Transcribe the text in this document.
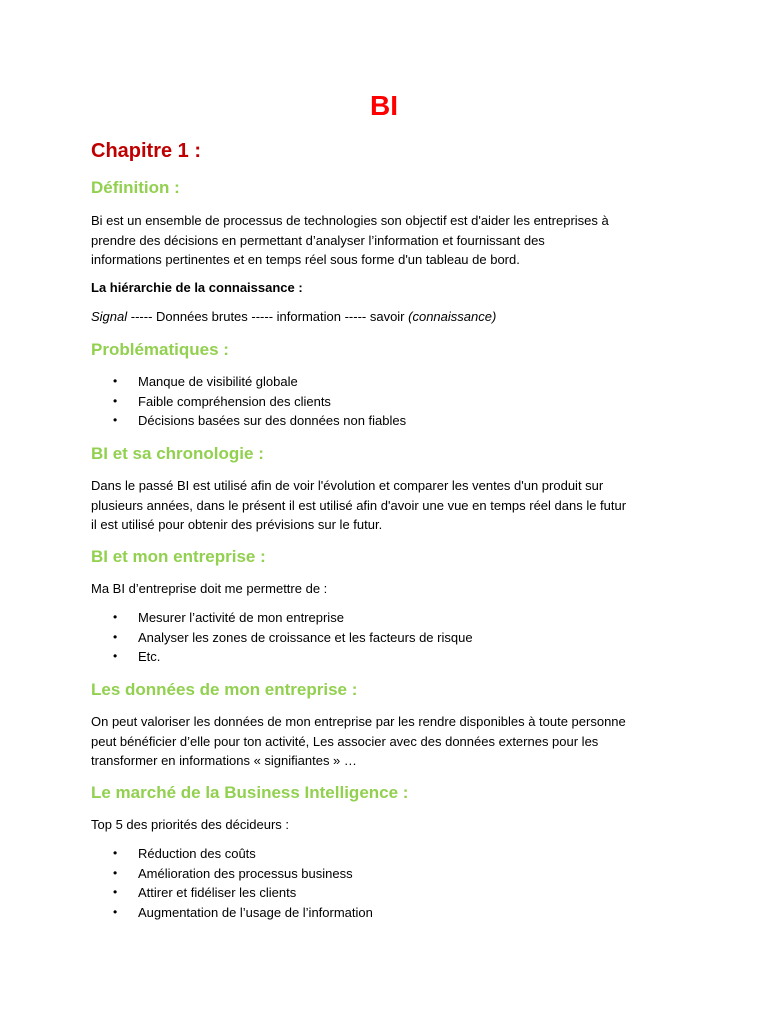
BI
Chapitre 1 :
Définition :

Bi est un ensemble de processus de technologies son objectif est d'aider les entreprises à

prendre des décisions en permettant d’analyser l’information et fournissant des

informations pertinentes et en temps réel sous forme d'un tableau de bord.

La hiérarchie de la connaissance :

Signal ----- Données brutes ----- information ----- savoir (connaissance)

Problématiques :
• Manque de visibilité globale
• Faible compréhension des clients
• Décisions basées sur des données non fiables
BI et sa chronologie :

Dans le passé BI est utilisé afin de voir l'évolution et comparer les ventes d'un produit sur

plusieurs années, dans le présent il est utilisé afin d'avoir une vue en temps réel dans le futur

il est utilisé pour obtenir des prévisions sur le futur.

BI et mon entreprise :

Ma BI d’entreprise doit me permettre de :

• Mesurer l’activité de mon entreprise
• Analyser les zones de croissance et les facteurs de risque
• Etc.
Les données de mon entreprise :

On peut valoriser les données de mon entreprise par les rendre disponibles à toute personne

peut bénéficier d’elle pour ton activité, Les associer avec des données externes pour les

transformer en informations « signifiantes » …

Le marché de la Business Intelligence :

Top 5 des priorités des décideurs :

• Réduction des coûts
• Amélioration des processus business
• Attirer et fidéliser les clients
• Augmentation de l’usage de l’information
